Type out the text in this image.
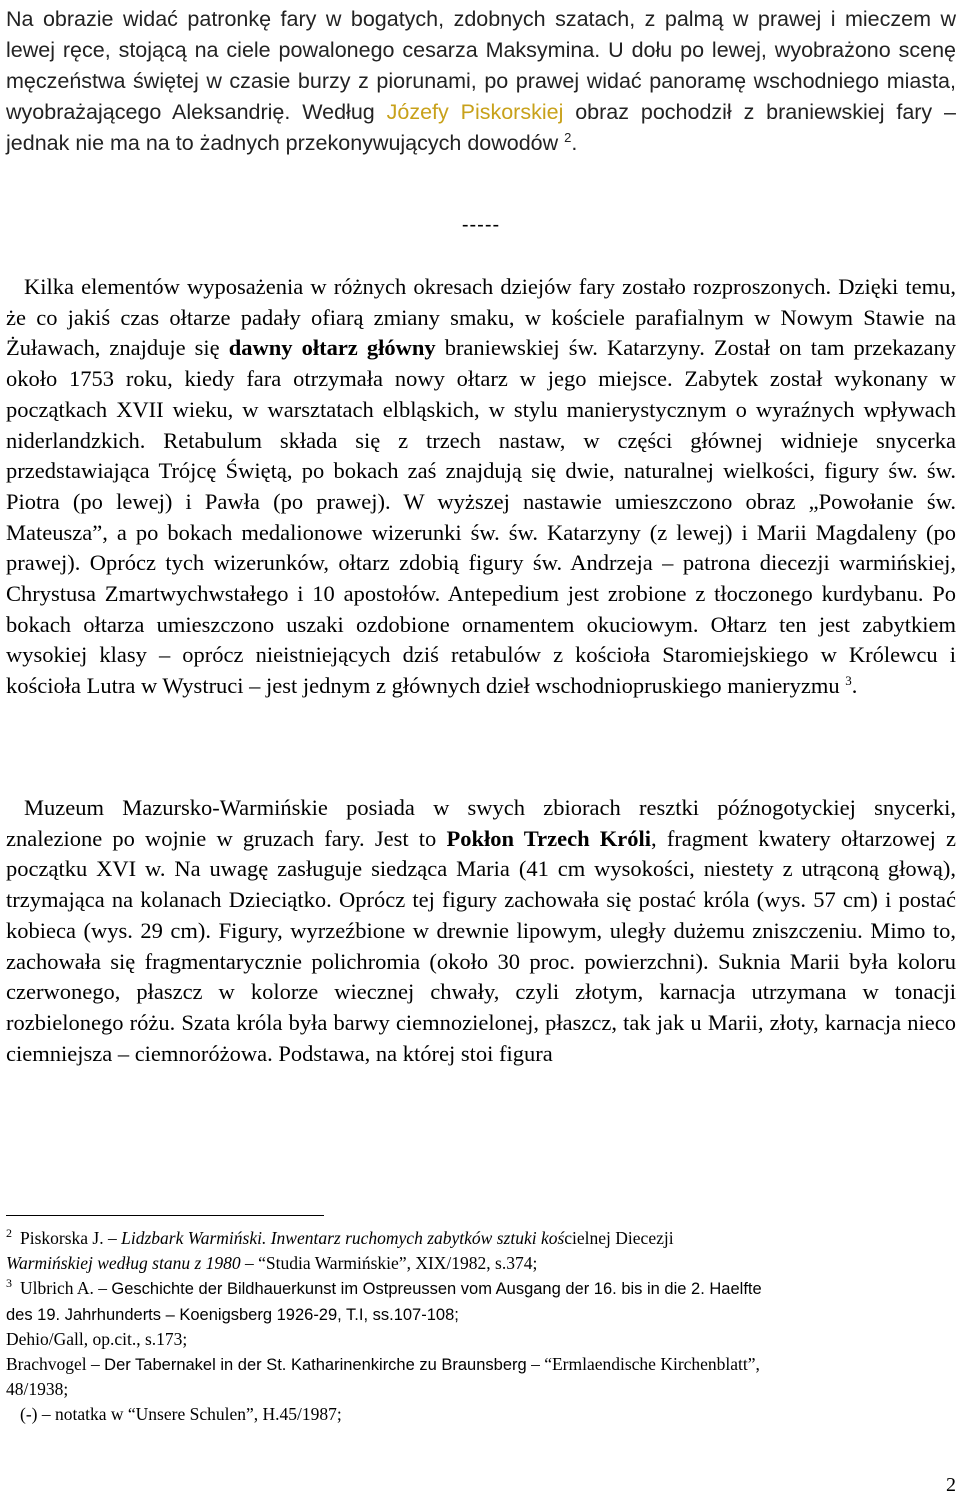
Na obrazie widać patronkę fary w bogatych, zdobnych szatach, z palmą w prawej i mieczem w lewej ręce, stojącą na ciele powalonego cesarza Maksymina. U dołu po lewej, wyobrażono scenę męczeństwa świętej w czasie burzy z piorunami, po prawej widać panoramę wschodniego miasta, wyobrażającego Aleksandrię. Według Józefy Piskorskiej obraz pochodził z braniewskiej fary – jednak nie ma na to żadnych przekonywujących dowodów $^2$.

-----

Kilka elementów wyposażenia w różnych okresach dziejów fary zostało rozproszonych. Dzięki temu, że co jakiś czas ołtarze padały ofiarą zmiany smaku, w kościele parafialnym w Nowym Stawie na Żuławach, znajduje się dawny ołtarz główny braniewskiej św. Katarzyny. Został on tam przekazany około 1753 roku, kiedy fara otrzymała nowy ołtarz w jego miejsce. Zabytek został wykonany w początkach XVII wieku, w warsztatach elbląskich, w stylu manierystycznym o wyraźnych wpływach niderlandzkich. Retabulum składa się z trzech nastaw, w części głównej widnieje snycerka przedstawiająca Trójcę Świętą, po bokach zaś znajdują się dwie, naturalnej wielkości, figury św. św. Piotra (po lewej) i Pawła (po prawej). W wyższej nastawie umieszczono obraz „Powołanie św. Mateusza”, a po bokach medalionowe wizerunki św. św. Katarzyny (z lewej) i Marii Magdaleny (po prawej). Oprócz tych wizerunków, ołtarz zdobią figury św. Andrzeja – patrona diecezji warmińskiej, Chrystusa Zmartwychwstałego i 10 apostołów. Antepedium jest zrobione z tłoczonego kurdybanu. Po bokach ołtarza umieszczono uszaki ozdobione ornamentem okuciowym. Ołtarz ten jest zabytkiem wysokiej klasy – oprócz nieistniejących dziś retabulów z kościoła Staromiejskiego w Królewcu i kościoła Lutra w Wystruci – jest jednym z głównych dzieł wschodniopruskiego manieryzmu $^3$.

Muzeum Mazursko-Warmińskie posiada w swych zbiorach resztki późnogotyckiej snycerki, znalezione po wojnie w gruzach fary. Jest to Pokłon Trzech Króli, fragment kwatery ołtarzowej z początku XVI w. Na uwagę zasługuje siedząca Maria (41 cm wysokości, niestety z utrąconą głową), trzymająca na kolanach Dzieciątko. Oprócz tej figury zachowała się postać króla (wys. 57 cm) i postać kobieca (wys. 29 cm). Figury, wyrzeźbione w drewnie lipowym, uległy dużemu zniszczeniu. Mimo to, zachowała się fragmentarycznie polichromia (około 30 proc. powierzchni). Suknia Marii była koloru czerwonego, płaszcz w kolorze wiecznej chwały, czyli złotym, karnacja utrzymana w tonacji rozbielonego różu. Szata króla była barwy ciemnozielonej, płaszcz, tak jak u Marii, złoty, karnacja nieco ciemniejsza – ciemnoróżowa. Podstawa, na której stoi figura

2 Piskorska J. – Lidzbark Warmiński. Inwentarz ruchomych zabytków sztuki kościelnej Diecezji
Warmińskiej według stanu z 1980 – “Studia Warmińskie”, XIX/1982, s.374;
3 Ulbrich A. – Geschichte der Bildhauerkunst im Ostpreussen vom Ausgang der 16. bis in die 2. Haelfte
des 19. Jahrhunderts – Koenigsberg 1926-29, T.I, ss.107-108;
Dehio/Gall, op.cit., s.173;
Brachvogel – Der Tabernakel in der St. Katharinenkirche zu Braunsberg – “Ermlaendische Kirchenblatt”,
48/1938;
(-) – notatka w “Unsere Schulen”, H.45/1987;
2
